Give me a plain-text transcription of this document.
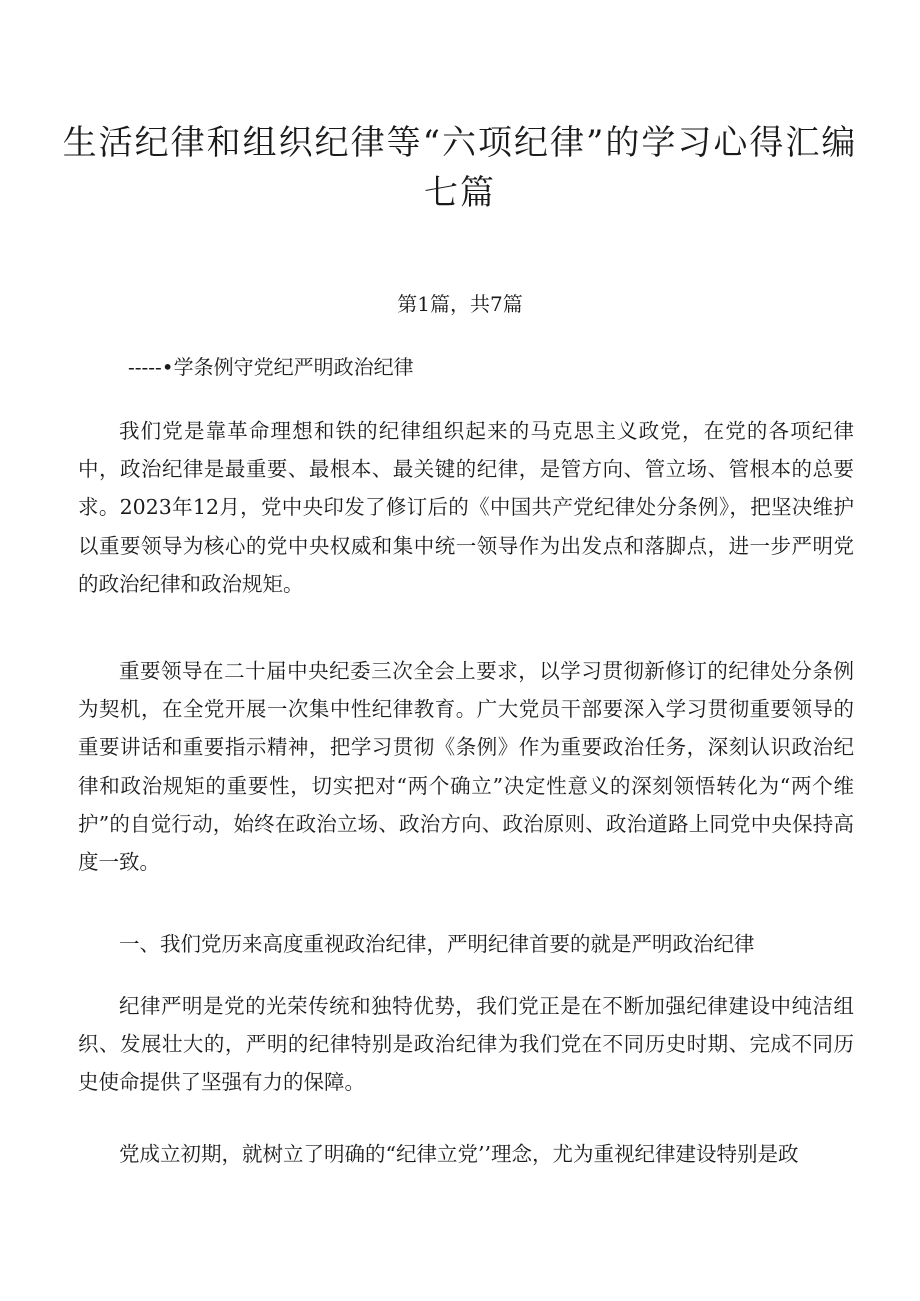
生活纪律和组织纪律等“六项纪律”的学习心得汇编七篇

第1篇，共7篇

-----•学条例守党纪严明政治纪律

我们党是靠革命理想和铁的纪律组织起来的马克思主义政党，在党的各项纪律中，政治纪律是最重要、最根本、最关键的纪律，是管方向、管立场、管根本的总要求。2023年12月，党中央印发了修订后的《中国共产党纪律处分条例》，把坚决维护以重要领导为核心的党中央权威和集中统一领导作为出发点和落脚点，进一步严明党的政治纪律和政治规矩。

重要领导在二十届中央纪委三次全会上要求，以学习贯彻新修订的纪律处分条例为契机，在全党开展一次集中性纪律教育。广大党员干部要深入学习贯彻重要领导的重要讲话和重要指示精神，把学习贯彻《条例》作为重要政治任务，深刻认识政治纪律和政治规矩的重要性，切实把对“两个确立”决定性意义的深刻领悟转化为“两个维护”的自觉行动，始终在政治立场、政治方向、政治原则、政治道路上同党中央保持高度一致。

一、我们党历来高度重视政治纪律，严明纪律首要的就是严明政治纪律

纪律严明是党的光荣传统和独特优势，我们党正是在不断加强纪律建设中纯洁组织、发展壮大的，严明的纪律特别是政治纪律为我们党在不同历史时期、完成不同历史使命提供了坚强有力的保障。

党成立初期，就树立了明确的“纪律立党’’理念，尤为重视纪律建设特别是政
